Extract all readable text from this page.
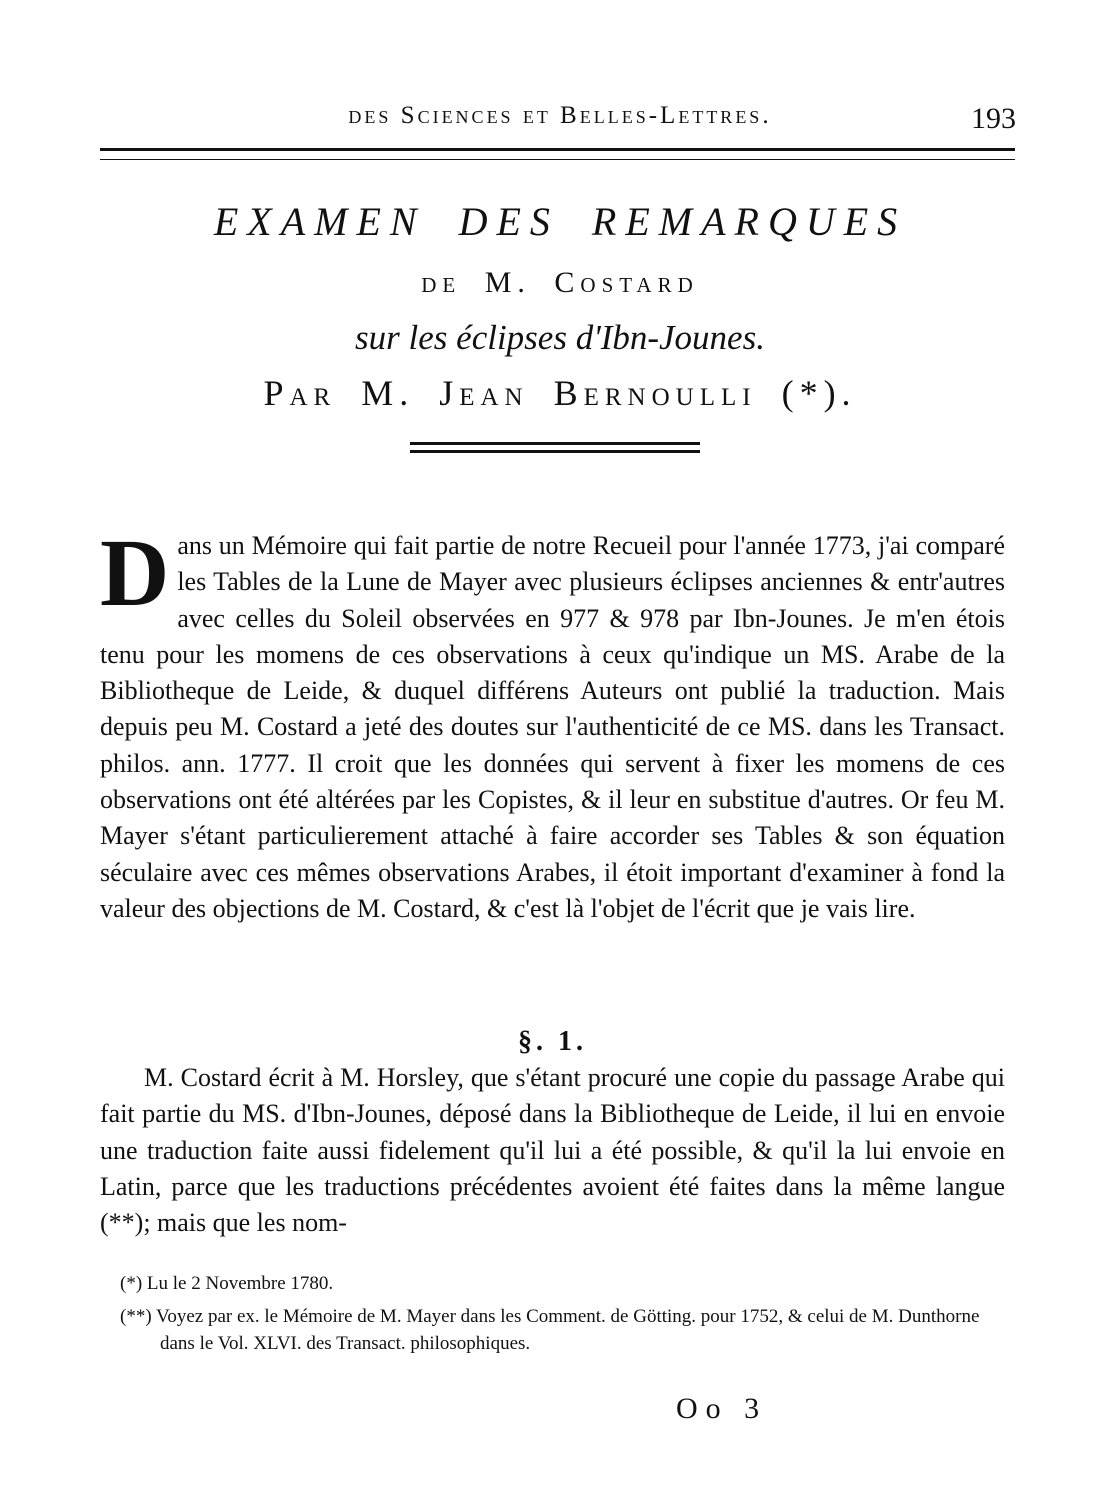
des Sciences et Belles-Lettres.	193
EXAMEN DES REMARQUES
de M. Costard
sur les éclipses d'Ibn-Jounes.
Par M. Jean Bernoulli (*).
Dans un Mémoire qui fait partie de notre Recueil pour l'année 1773, j'ai comparé les Tables de la Lune de Mayer avec plusieurs éclipses anciennes & entr'autres avec celles du Soleil observées en 977 & 978 par Ibn-Jounes. Je m'en étois tenu pour les momens de ces observations à ceux qu'indique un MS. Arabe de la Bibliotheque de Leide, & duquel différens Auteurs ont publié la traduction. Mais depuis peu M. Costard a jeté des doutes sur l'authenticité de ce MS. dans les Transact. philos. ann. 1777. Il croit que les données qui servent à fixer les momens de ces observations ont été altérées par les Copistes, & il leur en substitue d'autres. Or feu M. Mayer s'étant particulierement attaché à faire accorder ses Tables & son équation séculaire avec ces mêmes observations Arabes, il étoit important d'examiner à fond la valeur des objections de M. Costard, & c'est là l'objet de l'écrit que je vais lire.
§. 1.
M. Costard écrit à M. Horsley, que s'étant procuré une copie du passage Arabe qui fait partie du MS. d'Ibn-Jounes, déposé dans la Bibliotheque de Leide, il lui en envoie une traduction faite aussi fidelement qu'il lui a été possible, & qu'il la lui envoie en Latin, parce que les traductions précédentes avoient été faites dans la même langue (**); mais que les nom-
(*) Lu le 2 Novembre 1780.
(**) Voyez par ex. le Mémoire de M. Mayer dans les Comment. de Götting. pour 1752, & celui de M. Dunthorne dans le Vol. XLVI. des Transact. philosophiques.
Oo 3
